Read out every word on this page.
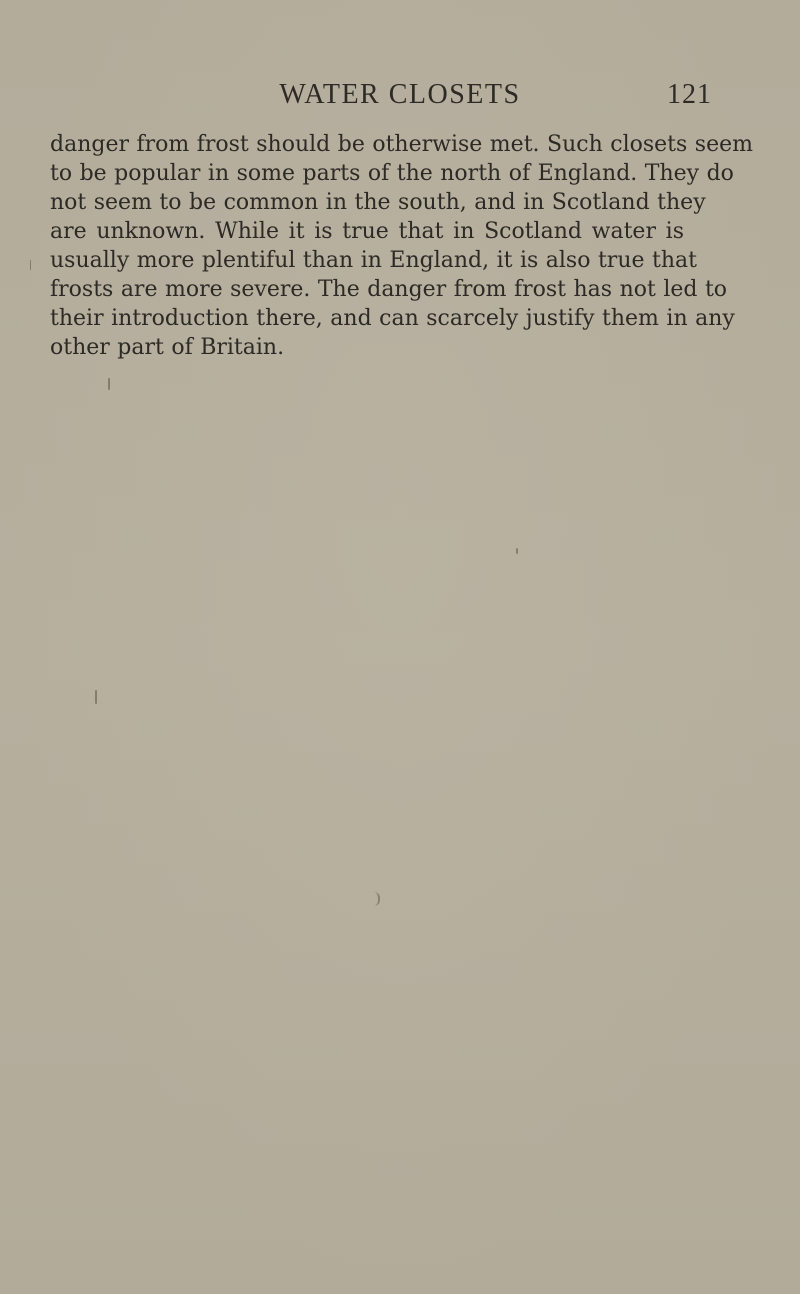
WATER CLOSETS	121
danger from frost should be otherwise met. Such closets seem
to be popular in some parts of the north of England. They do
not seem to be common in the south, and in Scotland they
are unknown. While it is true that in Scotland water is
usually more plentiful than in England, it is also true that
frosts are more severe. The danger from frost has not led to
their introduction there, and can scarcely justify them in any
other part of Britain.
